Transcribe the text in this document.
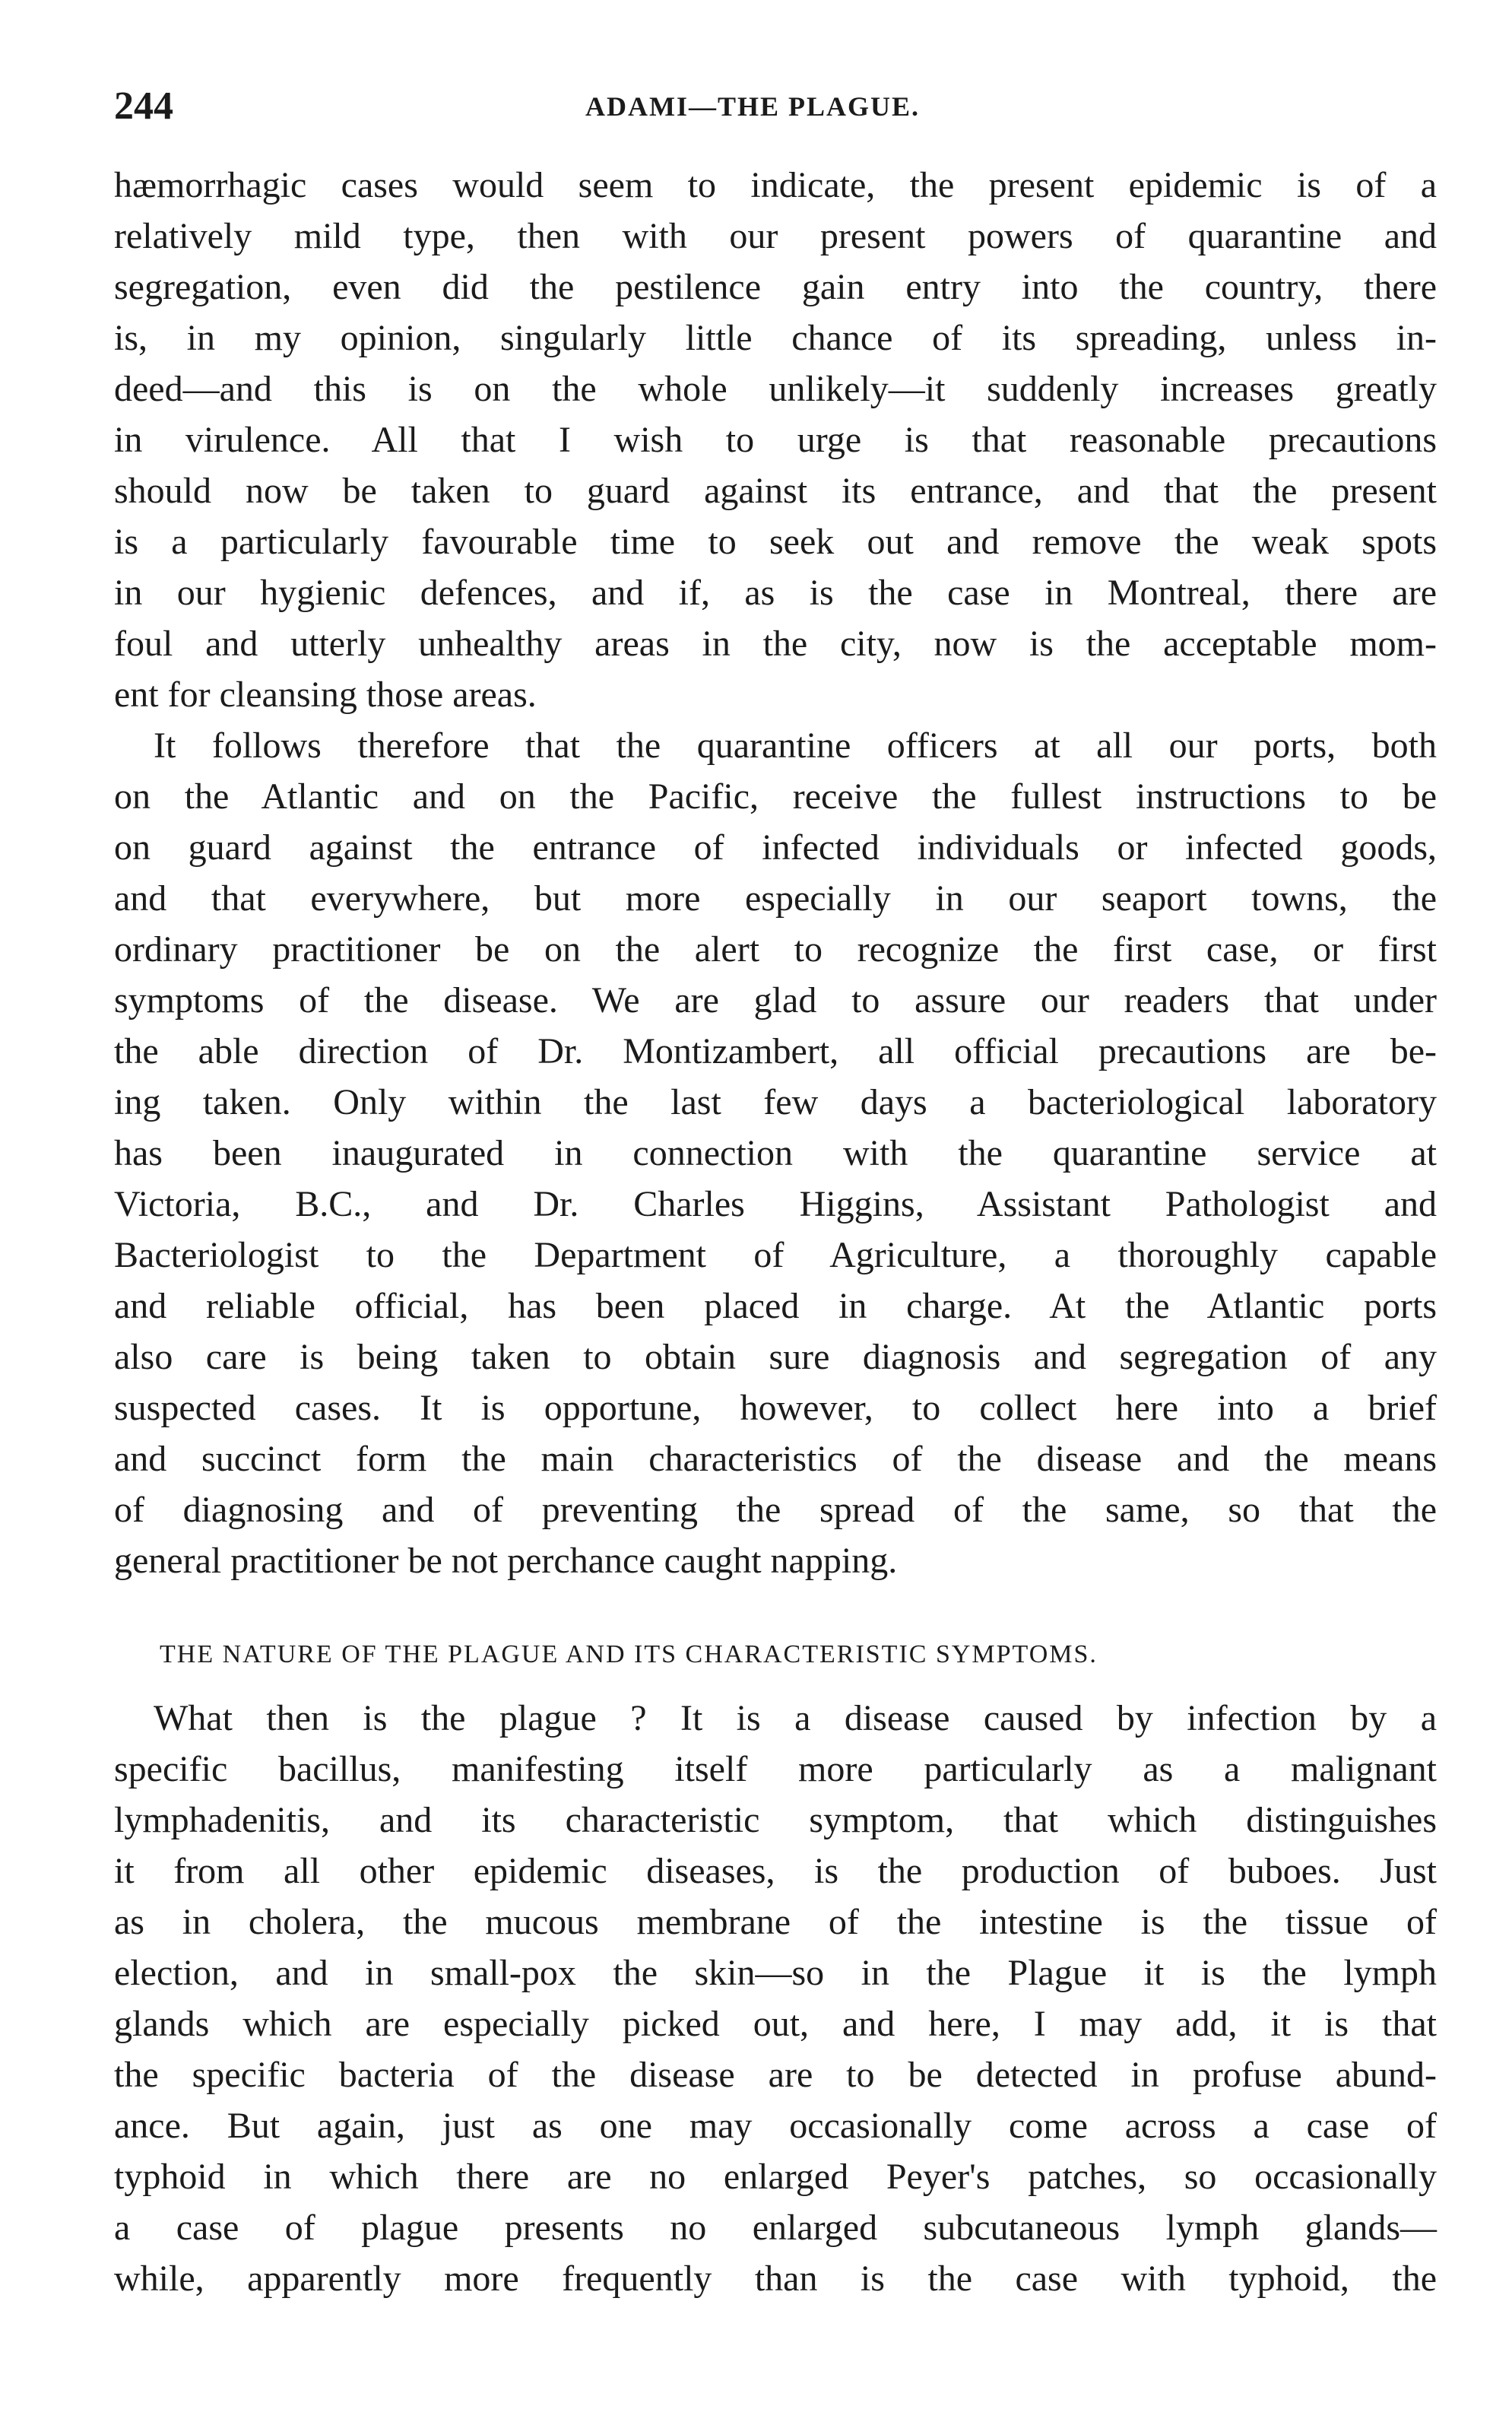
244	ADAMI—THE PLAGUE.
hæmorrhagic cases would seem to indicate, the present epidemic is of a
relatively mild type, then with our present powers of quarantine and
segregation, even did the pestilence gain entry into the country, there
is, in my opinion, singularly little chance of its spreading, unless in-
deed—and this is on the whole unlikely—it suddenly increases greatly
in virulence. All that I wish to urge is that reasonable precautions
should now be taken to guard against its entrance, and that the present
is a particularly favourable time to seek out and remove the weak spots
in our hygienic defences, and if, as is the case in Montreal, there are
foul and utterly unhealthy areas in the city, now is the acceptable mom-
ent for cleansing those areas.
It follows therefore that the quarantine officers at all our ports, both
on the Atlantic and on the Pacific, receive the fullest instructions to be
on guard against the entrance of infected individuals or infected goods,
and that everywhere, but more especially in our seaport towns, the
ordinary practitioner be on the alert to recognize the first case, or first
symptoms of the disease. We are glad to assure our readers that under
the able direction of Dr. Montizambert, all official precautions are be-
ing taken. Only within the last few days a bacteriological laboratory
has been inaugurated in connection with the quarantine service at
Victoria, B.C., and Dr. Charles Higgins, Assistant Pathologist and
Bacteriologist to the Department of Agriculture, a thoroughly capable
and reliable official, has been placed in charge. At the Atlantic ports
also care is being taken to obtain sure diagnosis and segregation of any
suspected cases. It is opportune, however, to collect here into a brief
and succinct form the main characteristics of the disease and the means
of diagnosing and of preventing the spread of the same, so that the
general practitioner be not perchance caught napping.
THE NATURE OF THE PLAGUE AND ITS CHARACTERISTIC SYMPTOMS.
What then is the plague ? It is a disease caused by infection by a
specific bacillus, manifesting itself more particularly as a malignant
lymphadenitis, and its characteristic symptom, that which distinguishes
it from all other epidemic diseases, is the production of buboes. Just
as in cholera, the mucous membrane of the intestine is the tissue of
election, and in small-pox the skin—so in the Plague it is the lymph
glands which are especially picked out, and here, I may add, it is that
the specific bacteria of the disease are to be detected in profuse abund-
ance. But again, just as one may occasionally come across a case of
typhoid in which there are no enlarged Peyer's patches, so occasionally
a case of plague presents no enlarged subcutaneous lymph glands—
while, apparently more frequently than is the case with typhoid, the
